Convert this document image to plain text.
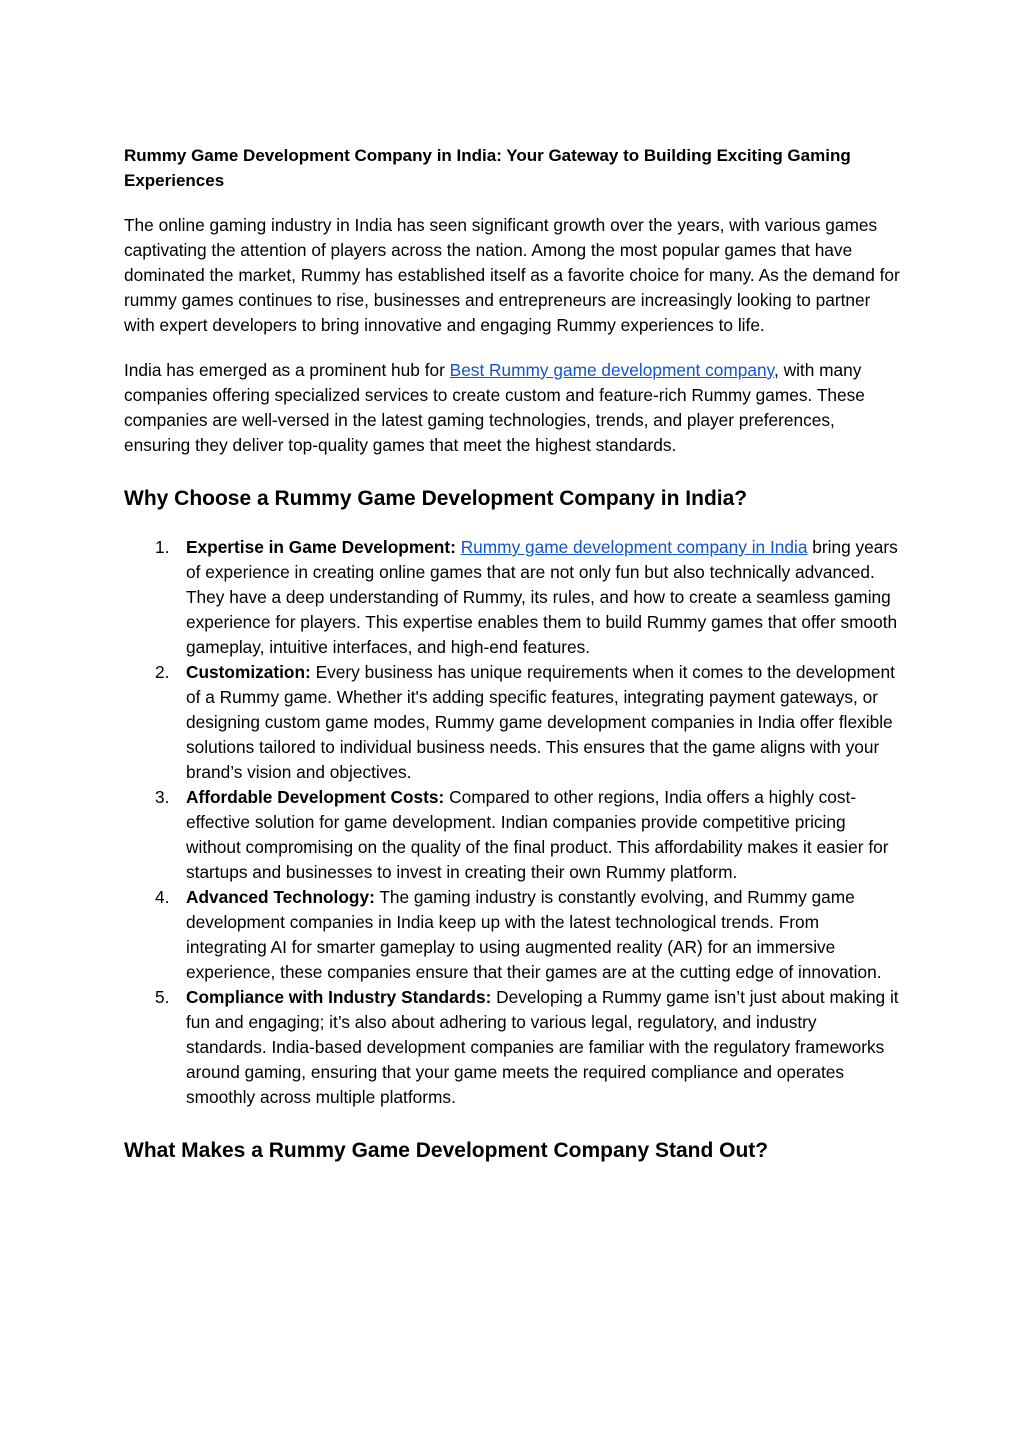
Rummy Game Development Company in India: Your Gateway to Building Exciting Gaming Experiences

The online gaming industry in India has seen significant growth over the years, with various games captivating the attention of players across the nation. Among the most popular games that have dominated the market, Rummy has established itself as a favorite choice for many. As the demand for rummy games continues to rise, businesses and entrepreneurs are increasingly looking to partner with expert developers to bring innovative and engaging Rummy experiences to life.

India has emerged as a prominent hub for Best Rummy game development company, with many companies offering specialized services to create custom and feature-rich Rummy games. These companies are well-versed in the latest gaming technologies, trends, and player preferences, ensuring they deliver top-quality games that meet the highest standards.

Why Choose a Rummy Game Development Company in India?
1. Expertise in Game Development: Rummy game development company in India bring years of experience in creating online games that are not only fun but also technically advanced. They have a deep understanding of Rummy, its rules, and how to create a seamless gaming experience for players. This expertise enables them to build Rummy games that offer smooth gameplay, intuitive interfaces, and high-end features.
2. Customization: Every business has unique requirements when it comes to the development of a Rummy game. Whether it's adding specific features, integrating payment gateways, or designing custom game modes, Rummy game development companies in India offer flexible solutions tailored to individual business needs. This ensures that the game aligns with your brand’s vision and objectives.
3. Affordable Development Costs: Compared to other regions, India offers a highly cost-effective solution for game development. Indian companies provide competitive pricing without compromising on the quality of the final product. This affordability makes it easier for startups and businesses to invest in creating their own Rummy platform.
4. Advanced Technology: The gaming industry is constantly evolving, and Rummy game development companies in India keep up with the latest technological trends. From integrating AI for smarter gameplay to using augmented reality (AR) for an immersive experience, these companies ensure that their games are at the cutting edge of innovation.
5. Compliance with Industry Standards: Developing a Rummy game isn’t just about making it fun and engaging; it’s also about adhering to various legal, regulatory, and industry standards. India-based development companies are familiar with the regulatory frameworks around gaming, ensuring that your game meets the required compliance and operates smoothly across multiple platforms.
What Makes a Rummy Game Development Company Stand Out?
